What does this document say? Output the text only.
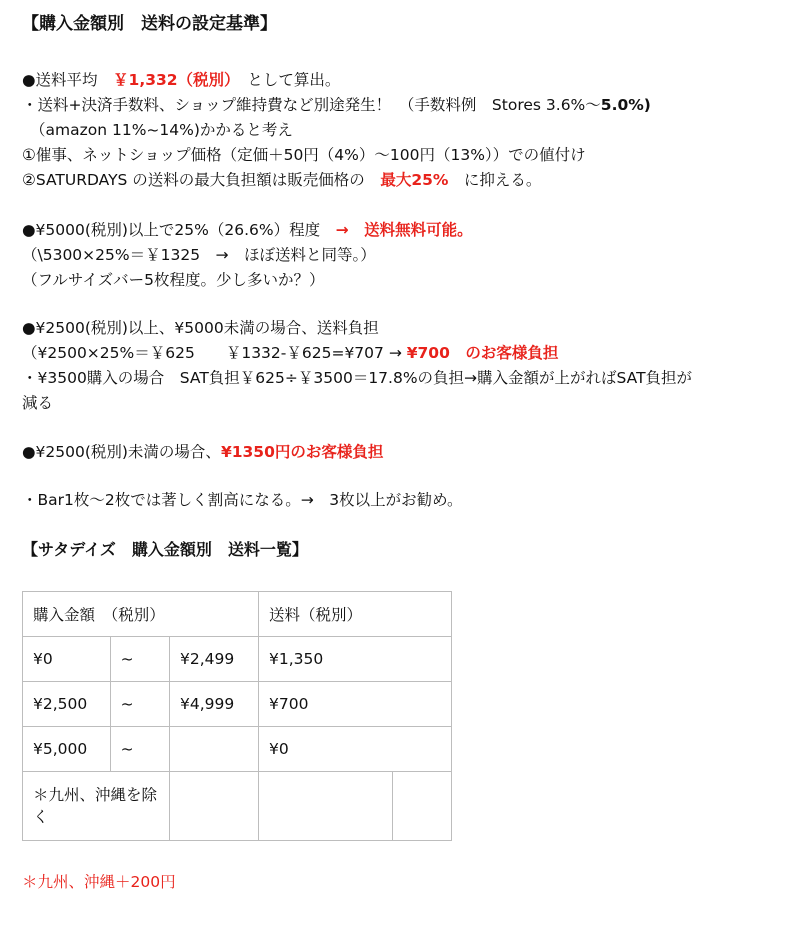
【購入金額別　送料の設定基準】
●送料平均　￥1,332（税別）　として算出。
・送料+決済手数料、ショップ維持費など別途発生！　（手数料例　Stores 3.6%〜5.0%)
（amazon 11%~14%)かかると考え
①催事、ネットショップ価格（定価＋50円（4%）〜100円（13%））での値付け
②SATURDAYS の送料の最大負担額は販売価格の　最大25%　に抑える。
●¥5000(税別)以上で25%（26.6%）程度　→　送料無料可能。
（\5300×25%＝￥1325　→　ほぼ送料と同等。）
（フルサイズバー5枚程度。少し多いか？）
●¥2500(税別)以上、¥5000未満の場合、送料負担
（¥2500×25%＝￥625　　￥1332-￥625=¥707 → ¥700　のお客様負担
・¥3500購入の場合　SAT負担￥625÷￥3500＝17.8%の負担→購入金額が上がればSAT負担が
減る
●¥2500(税別)未満の場合、¥1350円のお客様負担
・Bar1枚〜2枚では著しく割高になる。→　3枚以上がお勧め。
【サタデイズ　購入金額別　送料一覧】
購入金額　（税別）			送料（税別）	
¥0	~	¥2,499	¥1,350	
¥2,500	~	¥4,999	¥700	
¥5,000	~		¥0	
＊九州、沖縄を除く				
＊九州、沖縄＋200円
